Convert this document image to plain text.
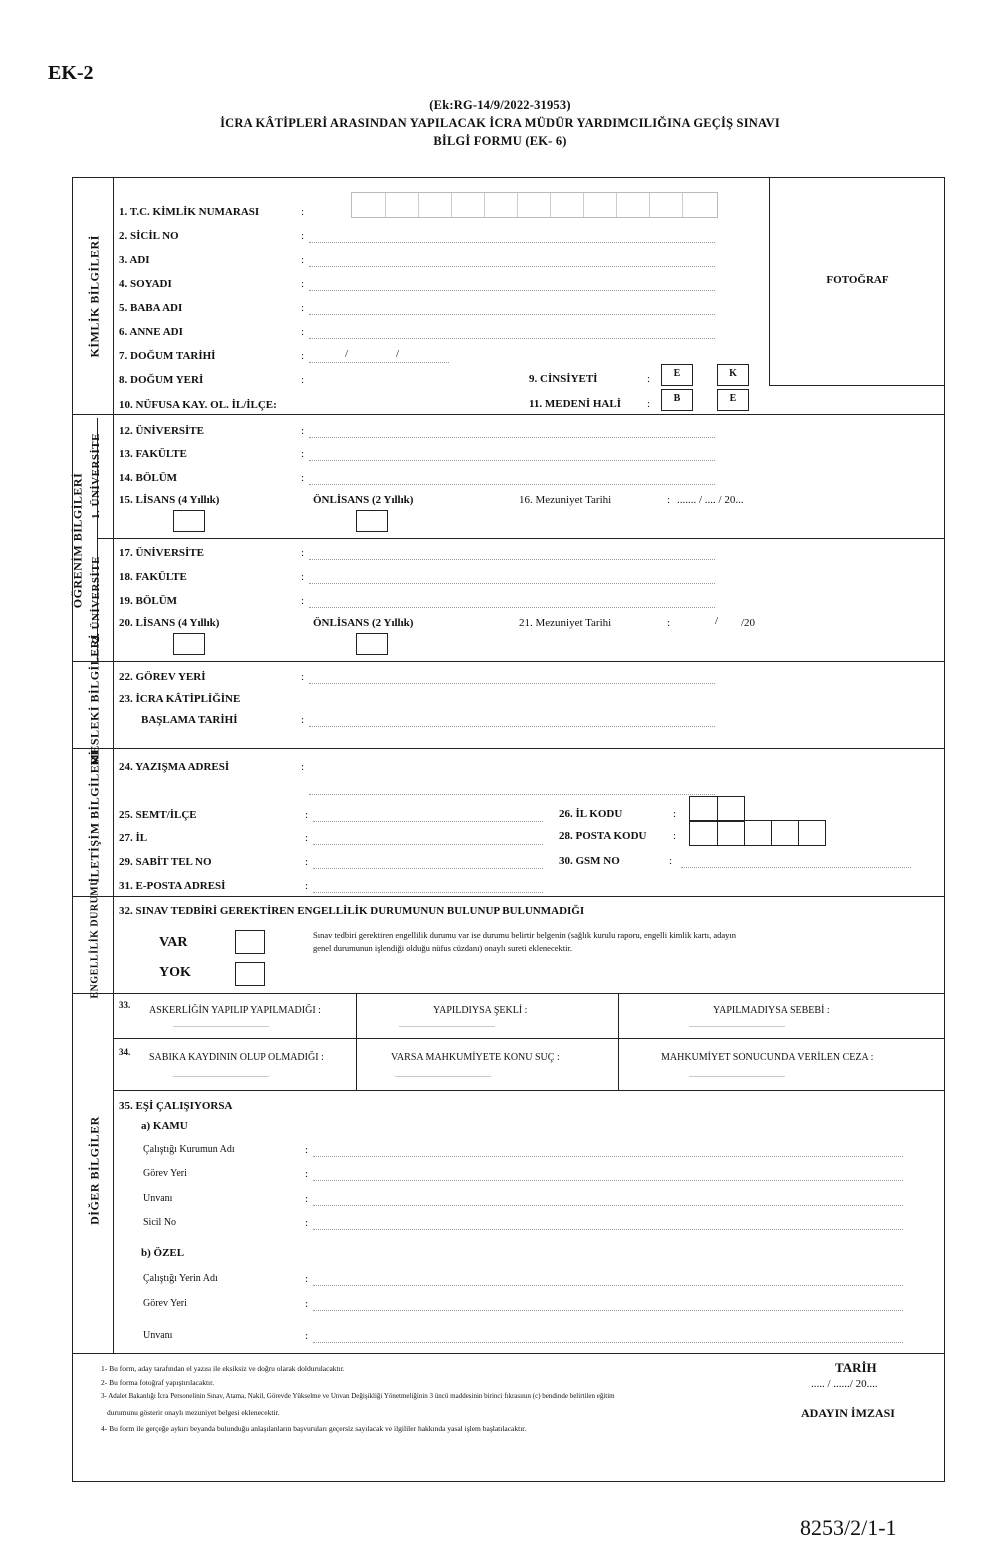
EK-2
(Ek:RG-14/9/2022-31953)
İCRA KÂTİPLERİ ARASINDAN YAPILACAK İCRA MÜDÜR YARDIMCILIĞINA GEÇİŞ SINAVI
BİLGİ FORMU (EK- 6)
KİMLİK BİLGİLERİ
ÖĞRENİM BİLGİLERİ 1. ÜNİVERSİTE
2. ÜNİVERSİTE
MESLEKİ BİLGİLERİ
İLETİŞİM BİLGİLERİ
ENGELLİLİK DURUMU
DİĞER BİLGİLER
FOTOĞRAF
1. T.C. KİMLİK NUMARASI	:
2. SİCİL NO	:
3. ADI	:
4. SOYADI	:
5. BABA ADI	:
6. ANNE ADI	:
7. DOĞUM TARİHİ	:	/	/
8. DOĞUM YERİ	:
10. NÜFUSA KAY. OL. İL/İLÇE:
9. CİNSİYETİ	:	E	K
11. MEDENİ HALİ :	B	E
12. ÜNİVERSİTE	:
13. FAKÜLTE	:
14. BÖLÜM	:
15. LİSANS (4 Yıllık)	ÖNLİSANS (2 Yıllık)	16. Mezuniyet Tarihi	: ....... / .... / 20...
17. ÜNİVERSİTE	:
18. FAKÜLTE	:
19. BÖLÜM	:
20. LİSANS (4 Yıllık)	ÖNLİSANS (2 Yıllık)	21. Mezuniyet Tarihi	:	/ /20
22. GÖREV YERİ	:
23. İCRA KÂTİPLİĞİNE
BAŞLAMA TARİHİ	:
24. YAZIŞMA ADRESİ	:
25. SEMT/İLÇE	:
27. İL	:
29. SABİT TEL NO	:
31. E-POSTA ADRESİ	:
26. İL KODU	:
28. POSTA KODU :
30. GSM NO	:
32. SINAV TEDBİRİ GEREKTİREN ENGELLİLİK DURUMUNUN BULUNUP BULUNMADIĞI
VAR
YOK
Sınav tedbiri gerektiren engellilik durumu var ise durumu belirtir belgenin (sağlık kurulu raporu, engelli kimlik kartı, adayın
genel durumunun işlendiği olduğu nüfus cüzdanı) onaylı sureti eklenecektir.
33. ASKERLİĞİN YAPILIP YAPILMADIĞI :
................................................
YAPILDIYSA ŞEKLİ :
................................................
YAPILMADIYSA SEBEBİ :
................................................
34. SABIKA KAYDININ OLUP OLMADIĞI :
................................................
VARSA MAHKUMİYETE KONU SUÇ :
................................................
MAHKUMİYET SONUCUNDA VERİLEN CEZA :
................................................
35. EŞİ ÇALIŞIYORSA
a) KAMU
Çalıştığı Kurumun Adı	:
Görev Yeri	:
Unvanı	:
Sicil No	:
b) ÖZEL
Çalıştığı Yerin Adı	:
Görev Yeri	:
Unvanı	:
1- Bu form, aday tarafından el yazısı ile eksiksiz ve doğru olarak doldurulacaktır.
2- Bu forma fotoğraf yapıştırılacaktır.
3- Adalet Bakanlığı İcra Personelinin Sınav, Atama, Nakil, Görevde Yükselme ve Unvan Değişikliği Yönetmeliğinin 3 üncü maddesinin birinci fıkrasının (c) bendinde belirtilen eğitim
durumunu gösterir onaylı mezuniyet belgesi eklenecektir.
4- Bu form ile gerçeğe aykırı beyanda bulunduğu anlaşılanların başvuruları geçersiz sayılacak ve ilgililer hakkında yasal işlem başlatılacaktır.
TARİH
..... / ....../ 20....
ADAYIN İMZASI
8253/2/1-1
